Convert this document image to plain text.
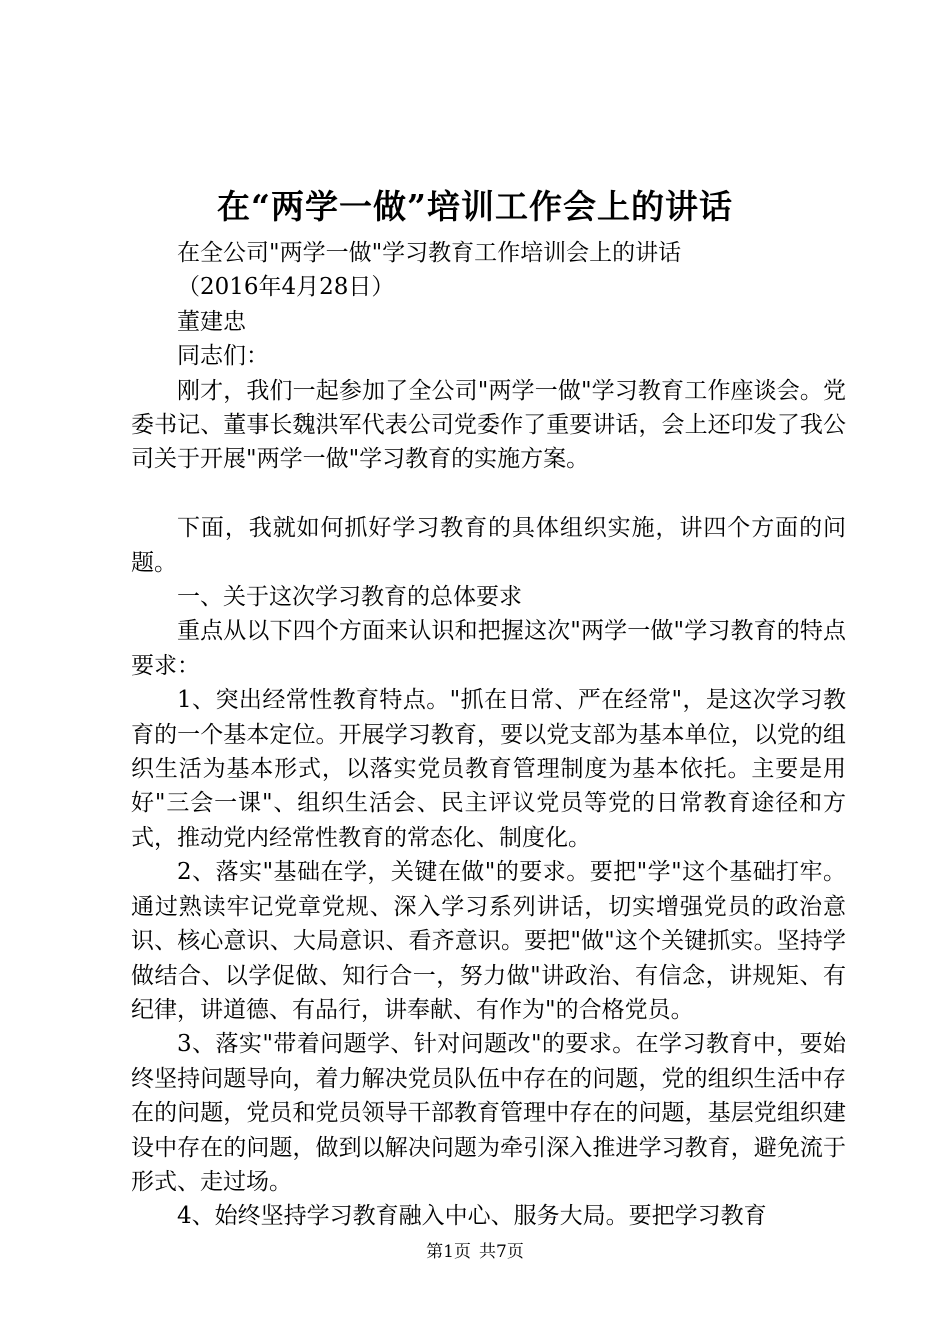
在“两学一做”培训工作会上的讲话

在全公司"两学一做"学习教育工作培训会上的讲话

（2016年4月28日）

董建忠

同志们：

刚才，我们一起参加了全公司"两学一做"学习教育工作座谈会。党委书记、董事长魏洪军代表公司党委作了重要讲话，会上还印发了我公司关于开展"两学一做"学习教育的实施方案。

下面，我就如何抓好学习教育的具体组织实施，讲四个方面的问题。

一、关于这次学习教育的总体要求

重点从以下四个方面来认识和把握这次"两学一做"学习教育的特点要求：

1、突出经常性教育特点。"抓在日常、严在经常"，是这次学习教育的一个基本定位。开展学习教育，要以党支部为基本单位，以党的组织生活为基本形式，以落实党员教育管理制度为基本依托。主要是用好"三会一课"、组织生活会、民主评议党员等党的日常教育途径和方式，推动党内经常性教育的常态化、制度化。

2、落实"基础在学，关键在做"的要求。要把"学"这个基础打牢。通过熟读牢记党章党规、深入学习系列讲话，切实增强党员的政治意识、核心意识、大局意识、看齐意识。要把"做"这个关键抓实。坚持学做结合、以学促做、知行合一，努力做"讲政治、有信念，讲规矩、有纪律，讲道德、有品行，讲奉献、有作为"的合格党员。

3、落实"带着问题学、针对问题改"的要求。在学习教育中，要始终坚持问题导向，着力解决党员队伍中存在的问题，党的组织生活中存在的问题，党员和党员领导干部教育管理中存在的问题，基层党组织建设中存在的问题，做到以解决问题为牵引深入推进学习教育，避免流于形式、走过场。

4、始终坚持学习教育融入中心、服务大局。要把学习教育

第1页 共7页
